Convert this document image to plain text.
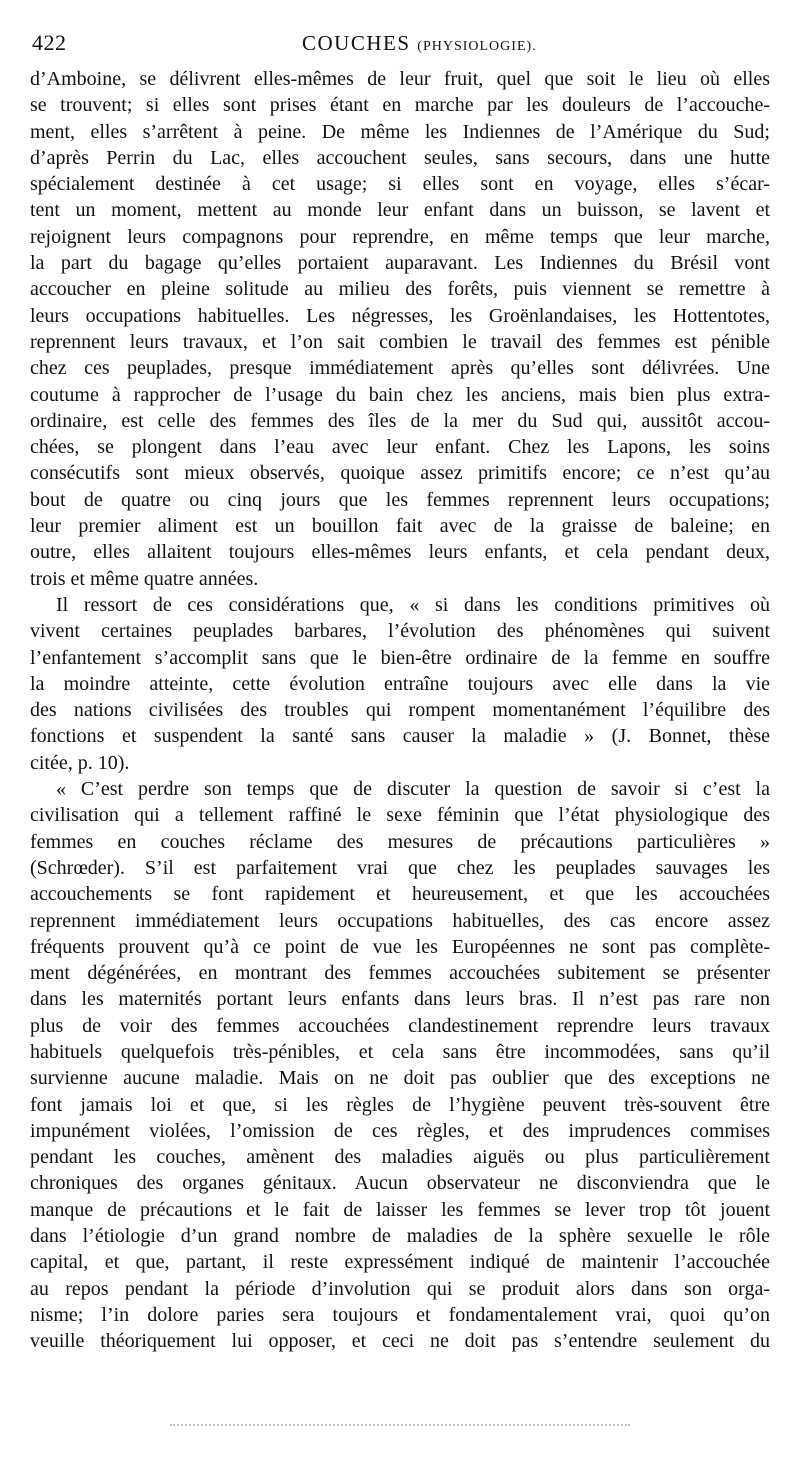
422	COUCHES (PHYSIOLOGIE).
d’Amboine, se délivrent elles-mêmes de leur fruit, quel que soit le lieu où elles
se trouvent; si elles sont prises étant en marche par les douleurs de l’accouche-
ment, elles s’arrêtent à peine. De même les Indiennes de l’Amérique du Sud;
d’après Perrin du Lac, elles accouchent seules, sans secours, dans une hutte
spécialement destinée à cet usage; si elles sont en voyage, elles s’écar-
tent un moment, mettent au monde leur enfant dans un buisson, se lavent et
rejoignent leurs compagnons pour reprendre, en même temps que leur marche,
la part du bagage qu’elles portaient auparavant. Les Indiennes du Brésil vont
accoucher en pleine solitude au milieu des forêts, puis viennent se remettre à
leurs occupations habituelles. Les négresses, les Groënlandaises, les Hottentotes,
reprennent leurs travaux, et l’on sait combien le travail des femmes est pénible
chez ces peuplades, presque immédiatement après qu’elles sont délivrées. Une
coutume à rapprocher de l’usage du bain chez les anciens, mais bien plus extra-
ordinaire, est celle des femmes des îles de la mer du Sud qui, aussitôt accou-
chées, se plongent dans l’eau avec leur enfant. Chez les Lapons, les soins
consécutifs sont mieux observés, quoique assez primitifs encore; ce n’est qu’au
bout de quatre ou cinq jours que les femmes reprennent leurs occupations;
leur premier aliment est un bouillon fait avec de la graisse de baleine; en
outre, elles allaitent toujours elles-mêmes leurs enfants, et cela pendant deux,
trois et même quatre années.
Il ressort de ces considérations que, « si dans les conditions primitives où
vivent certaines peuplades barbares, l’évolution des phénomènes qui suivent
l’enfantement s’accomplit sans que le bien-être ordinaire de la femme en souffre
la moindre atteinte, cette évolution entraîne toujours avec elle dans la vie
des nations civilisées des troubles qui rompent momentanément l’équilibre des
fonctions et suspendent la santé sans causer la maladie » (J. Bonnet, thèse
citée, p. 10).
« C’est perdre son temps que de discuter la question de savoir si c’est la
civilisation qui a tellement raffiné le sexe féminin que l’état physiologique des
femmes en couches réclame des mesures de précautions particulières »
(Schrœder). S’il est parfaitement vrai que chez les peuplades sauvages les
accouchements se font rapidement et heureusement, et que les accouchées
reprennent immédiatement leurs occupations habituelles, des cas encore assez
fréquents prouvent qu’à ce point de vue les Européennes ne sont pas complète-
ment dégénérées, en montrant des femmes accouchées subitement se présenter
dans les maternités portant leurs enfants dans leurs bras. Il n’est pas rare non
plus de voir des femmes accouchées clandestinement reprendre leurs travaux
habituels quelquefois très-pénibles, et cela sans être incommodées, sans qu’il
survienne aucune maladie. Mais on ne doit pas oublier que des exceptions ne
font jamais loi et que, si les règles de l’hygiène peuvent très-souvent être
impunément violées, l’omission de ces règles, et des imprudences commises
pendant les couches, amènent des maladies aiguës ou plus particulièrement
chroniques des organes génitaux. Aucun observateur ne disconviendra que le
manque de précautions et le fait de laisser les femmes se lever trop tôt jouent
dans l’étiologie d’un grand nombre de maladies de la sphère sexuelle le rôle
capital, et que, partant, il reste expressément indiqué de maintenir l’accouchée
au repos pendant la période d’involution qui se produit alors dans son orga-
nisme; l’in dolore paries sera toujours et fondamentalement vrai, quoi qu’on
veuille théoriquement lui opposer, et ceci ne doit pas s’entendre seulement du
